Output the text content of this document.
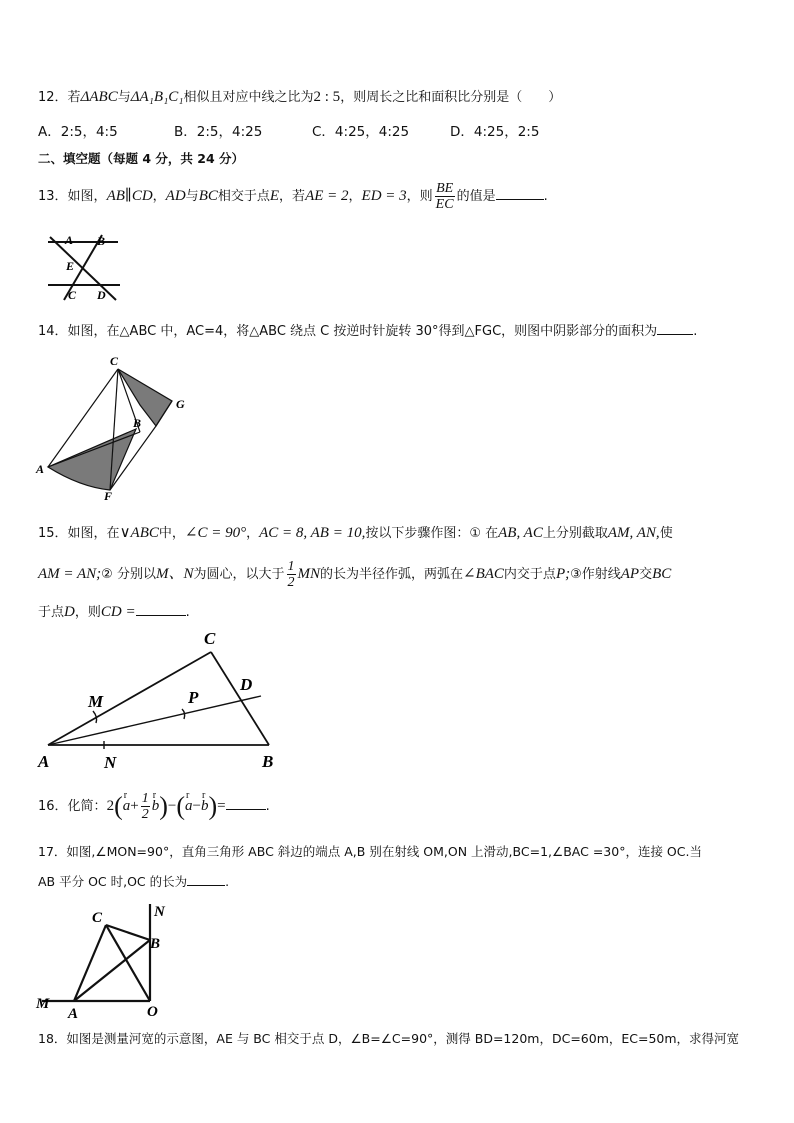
12．若ΔABC与ΔA₁B₁C₁相似且对应中线之比为2 : 5，则周长之比和面积比分别是（　　）
A．2:5，4:5	B．2:5，4:25	C．4:25，4:25	D．4:25，2:5
二、填空题（每题 4 分，共 24 分）
13．如图，AB∥CD，AD与BC相交于点E，若AE = 2，ED = 3，则 $\frac{BE}{EC}$ 的值是	.
A B
E
C D
14．如图，在△ABC 中，AC=4，将△ABC 绕点 C 按逆时针旋转 30°得到△FGC，则图中阴影部分的面积为	.
C
G
B
A
F
15．如图，在∨ABC中，∠C = 90°，AC = 8, AB = 10,按以下步骤作图：① 在AB, AC上分别截取AM, AN,使
AM = AN;② 分别以M、N为圆心，以大于 $\frac{1}{2}$ MN的长为半径作弧，两弧在∠BAC内交于点P;③作射线AP交BC
于点D，则CD =	.
C
M	P
D
A	N	B
16．化简：2(r $a+ \frac{1}{2}$
r b)−(r a−r b)=	.
17．如图,∠MON=90°，直角三角形 ABC 斜边的端点 A,B 别在射线 OM,ON 上滑动,BC=1,∠BAC =30°，连接 OC.当
AB 平分 OC 时,OC 的长为	.
C	N
B
M
A	O
18．如图是测量河宽的示意图，AE 与 BC 相交于点 D，∠B=∠C=90°，测得 BD=120m，DC=60m，EC=50m，求得河宽
